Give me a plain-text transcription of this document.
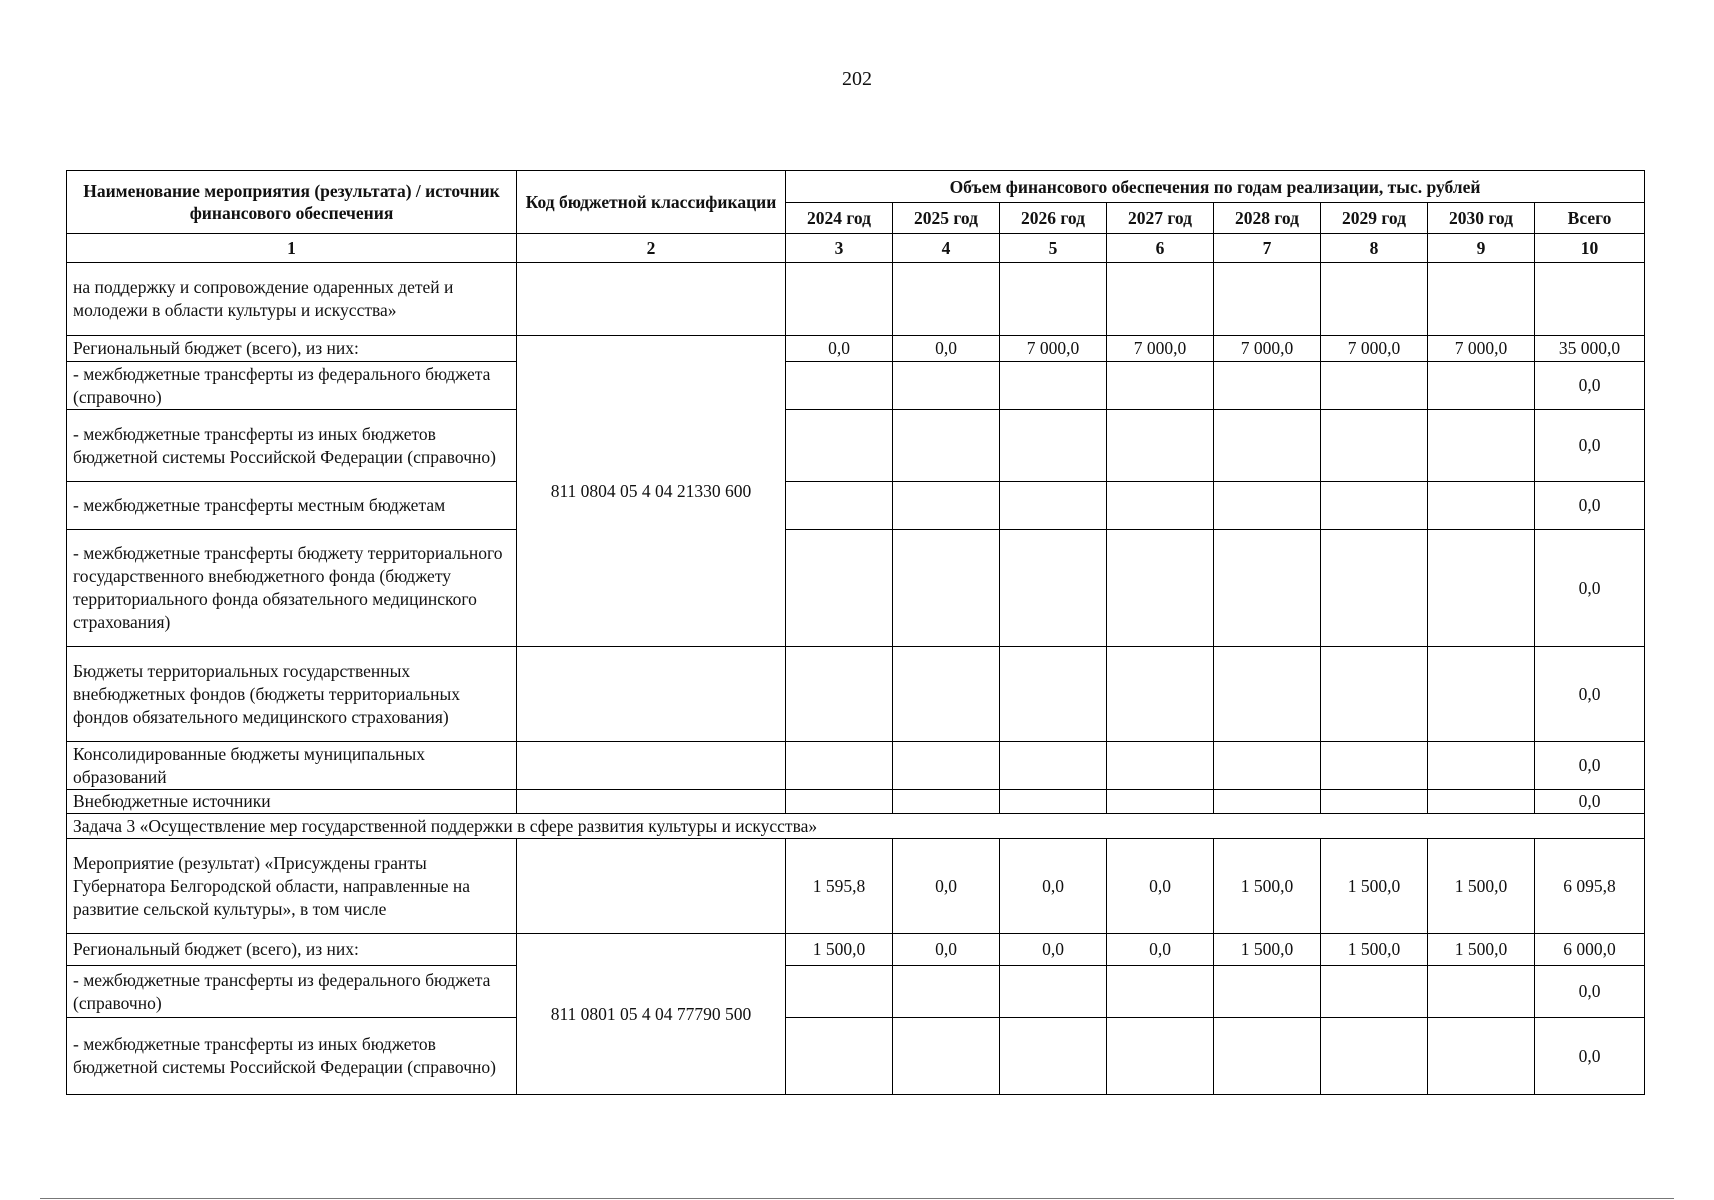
202
Наименование мероприятия (результата) / источник финансового обеспечения	Код бюджетной классификации	Объем финансового обеспечения по годам реализации, тыс. рублей							
		2024 год	2025 год	2026 год	2027 год	2028 год	2029 год	2030 год	Всего
1	2	3	4	5	6	7	8	9	10
на поддержку и сопровождение одаренных детей и молодежи в области культуры и искусства»									
Региональный бюджет (всего), из них:	811 0804 05 4 04 21330 600	0,0	0,0	7 000,0	7 000,0	7 000,0	7 000,0	7 000,0	35 000,0
- межбюджетные трансферты из федерального бюджета (справочно)									0,0
- межбюджетные трансферты из иных бюджетов бюджетной системы Российской Федерации (справочно)									0,0
- межбюджетные трансферты местным бюджетам									0,0
- межбюджетные трансферты бюджету территориального государственного внебюджетного фонда (бюджету территориального фонда обязательного медицинского страхования)									0,0
Бюджеты территориальных государственных внебюджетных фондов (бюджеты территориальных фондов обязательного медицинского страхования)									0,0
Консолидированные бюджеты муниципальных образований									0,0
Внебюджетные источники									0,0
Задача 3 «Осуществление мер государственной поддержки в сфере развития культуры и искусства»									
Мероприятие (результат) «Присуждены гранты Губернатора Белгородской области, направленные на развитие сельской культуры», в том числе		1 595,8	0,0	0,0	0,0	1 500,0	1 500,0	1 500,0	6 095,8
Региональный бюджет (всего), из них:	811 0801 05 4 04 77790 500	1 500,0	0,0	0,0	0,0	1 500,0	1 500,0	1 500,0	6 000,0
- межбюджетные трансферты из федерального бюджета (справочно)									0,0
- межбюджетные трансферты из иных бюджетов бюджетной системы Российской Федерации (справочно)									0,0
